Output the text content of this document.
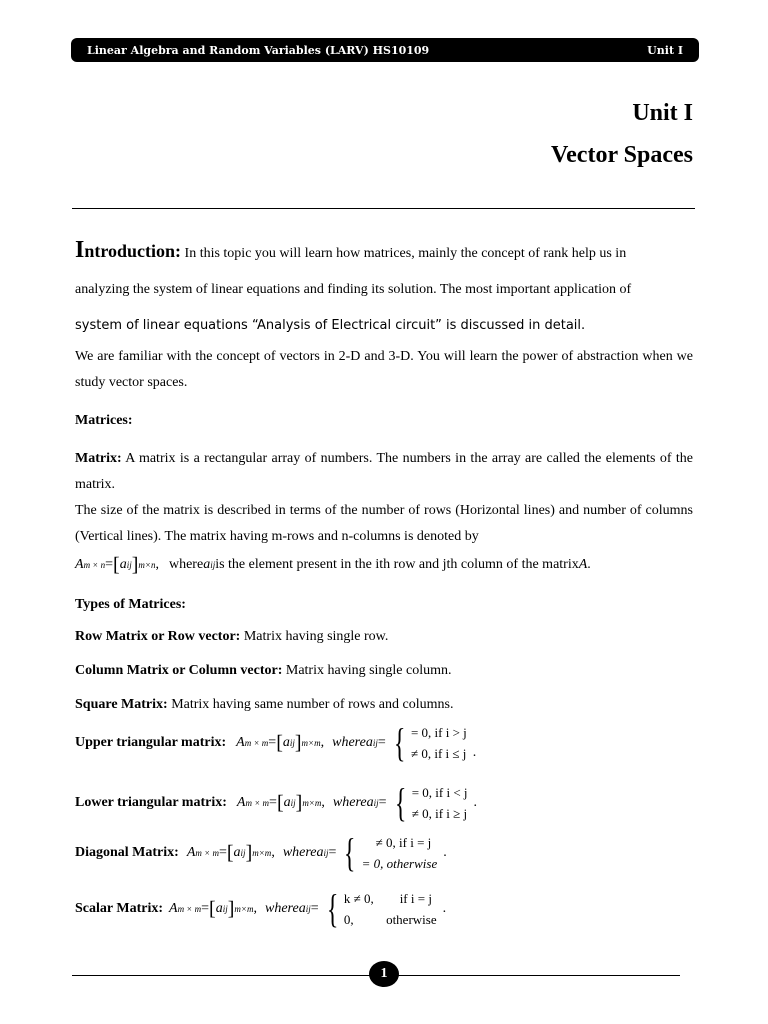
Linear Algebra and Random Variables (LARV) HS10109	Unit I
Unit I
Vector Spaces

Introduction: In this topic you will learn how matrices, mainly the concept of rank help us in
analyzing the system of linear equations and finding its solution. The most important application of
system of linear equations “Analysis of Electrical circuit” is discussed in detail.

We are familiar with the concept of vectors in 2-D and 3-D. You will learn the power of abstraction when we study vector spaces.

Matrices:

Matrix: A matrix is a rectangular array of numbers. The numbers in the array are called the elements of the matrix.

The size of the matrix is described in terms of the number of rows (Horizontal lines) and number of columns (Vertical lines). The matrix having m-rows and n-columns is denoted by

A m × n = [ a ij ] m×n , where a ij is the element present in the ith row and jth column of the matrix A .

Types of Matrices:

Row Matrix or Row vector: Matrix having single row.

Column Matrix or Column vector: Matrix having single column.

Square Matrix: Matrix having same number of rows and columns.

Upper triangular matrix: A m × m = [ a ij ] m×m , where a ij = { = 0, if i > j
≠ 0, if i ≤ j .
Lower triangular matrix: A m × m = [ a ij ] m×m , where a ij = { = 0, if i < j
≠ 0, if i ≥ j
.
Diagonal Matrix: A m × m = [ a ij ] m×m , where a ij = {	≠ 0, if i = j
= 0, otherwise
.
Scalar Matrix: A m × m = [ a ij ] m×m , where a ij = { k ≠ 0,        if i = j
0,          otherwise
.
1
